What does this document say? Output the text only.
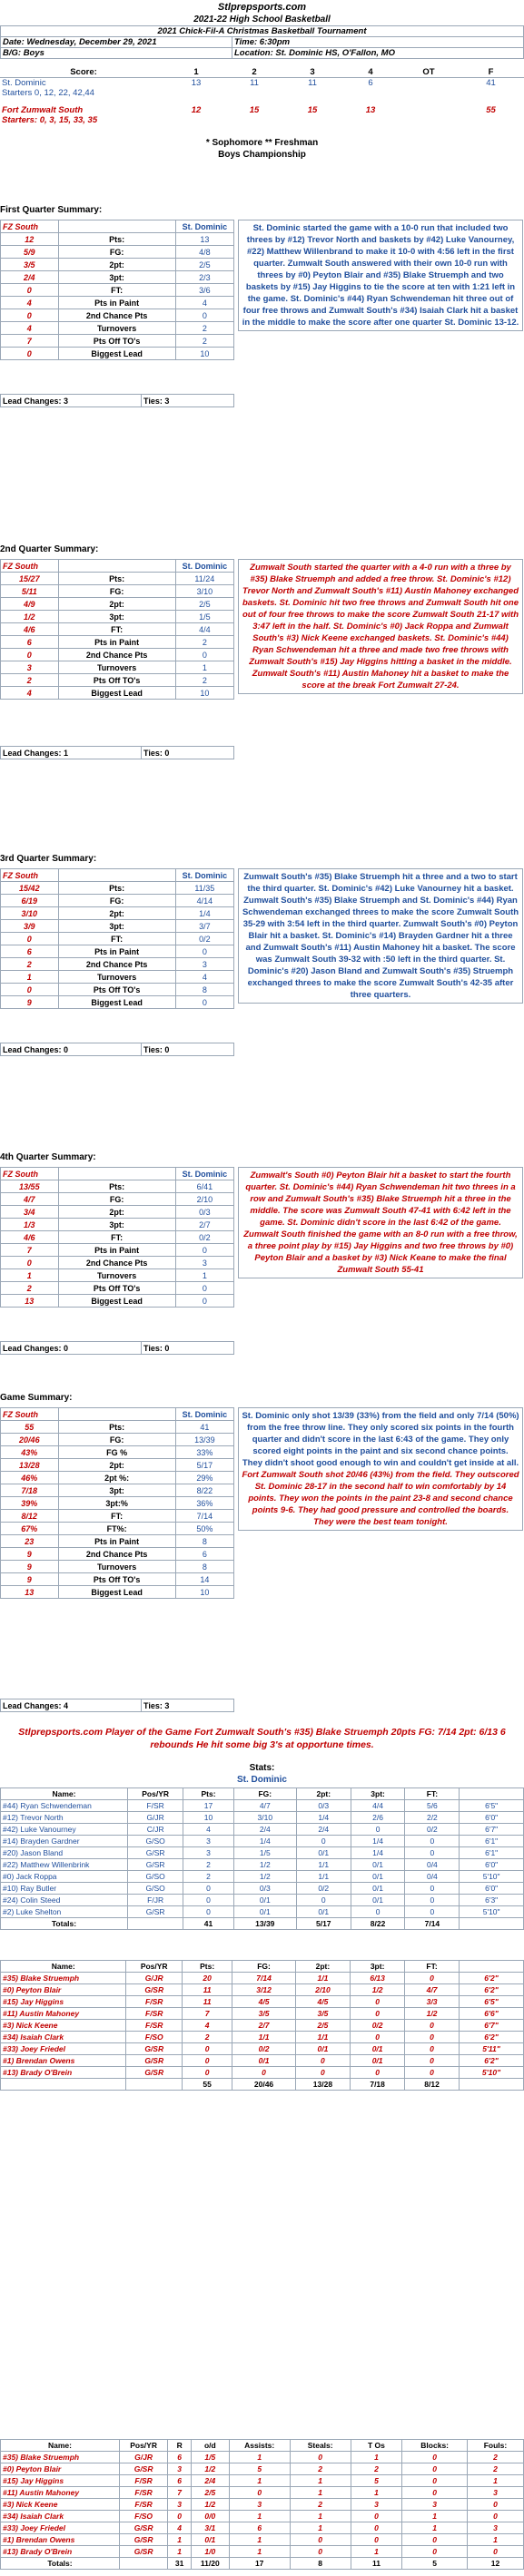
Stlprepsports.com
2021-22 High School Basketball
2021 Chick-Fil-A Christmas Basketball Tournament	
Date: Wednesday, December 29, 2021	Time: 6:30pm
B/G: Boys	Location: St. Dominic HS, O'Fallon, MO
Score:	1	2	3	4	OT	F
St. Dominic	13	11	11	6		41
Starters 0, 12, 22, 42,44						

Fort Zumwalt South	12	15	15	13		55
Starters: 0, 3, 15, 33, 35						
* Sophomore ** Freshman
Boys Championship
First Quarter Summary:
FZ South		St. Dominic
12	Pts:	13
5/9	FG:	4/8
3/5	2pt:	2/5
2/4	3pt:	2/3
0	FT:	3/6
4	Pts in Paint	4
0	2nd Chance Pts	0
4	Turnovers	2
7	Pts Off TO's	2
0	Biggest Lead	10
St. Dominic started the game with a 10-0 run that included two threes by #12) Trevor North and baskets by #42) Luke Vanourney, #22) Matthew Willenbrand to make it 10-0 with 4:56 left in the first quarter. Zumwalt South answered with their own 10-0 run with threes by #0) Peyton Blair and #35) Blake Struemph and two baskets by #15) Jay Higgins to tie the score at ten with 1:21 left in the game. St. Dominic's #44) Ryan Schwendeman hit three out of four free throws and Zumwalt South's #34) Isaiah Clark hit a basket in the middle to make the score after one quarter St. Dominic 13-12.
Lead Changes: 3	Ties: 3
2nd Quarter Summary:
FZ South		St. Dominic
15/27	Pts:	11/24
5/11	FG:	3/10
4/9	2pt:	2/5
1/2	3pt:	1/5
4/6	FT:	4/4
6	Pts in Paint	2
0	2nd Chance Pts	0
3	Turnovers	1
2	Pts Off TO's	2
4	Biggest Lead	10
Zumwalt South started the quarter with a 4-0 run with a three by #35) Blake Struemph and added a free throw. St. Dominic's #12) Trevor North and Zumwalt South's #11) Austin Mahoney exchanged baskets. St. Dominic hit two free throws and Zumwalt South hit one out of four free throws to make the score Zumwalt South 21-17 with 3:47 left in the half. St. Dominic's #0) Jack Roppa and Zumwalt South's #3) Nick Keene exchanged baskets. St. Dominic's #44) Ryan Schwendeman hit a three and made two free throws with Zumwalt South's #15) Jay Higgins hitting a basket in the middle. Zumwalt South's #11) Austin Mahoney hit a basket to make the score at the break Fort Zumwalt 27-24.
Lead Changes: 1	Ties: 0
3rd Quarter Summary:
FZ South		St. Dominic
15/42	Pts:	11/35
6/19	FG:	4/14
3/10	2pt:	1/4
3/9	3pt:	3/7
0	FT:	0/2
6	Pts in Paint	0
2	2nd Chance Pts	3
1	Turnovers	4
0	Pts Off TO's	8
9	Biggest Lead	0
Zumwalt South's #35) Blake Struemph hit a three and a two to start the third quarter. St. Dominic's #42) Luke Vanourney hit a basket. Zumwalt South's #35) Blake Struemph and St. Dominic's #44) Ryan Schwendeman exchanged threes to make the score Zumwalt South 35-29 with 3:54 left in the third quarter. Zumwalt South's #0) Peyton Blair hit a basket. St. Dominic's #14) Brayden Gardner hit a three and Zumwalt South's #11) Austin Mahoney hit a basket. The score was Zumwalt South 39-32 with :50 left in the third quarter. St. Dominic's #20) Jason Bland and Zumwalt South's #35) Struemph exchanged threes to make the score Zumwalt South's 42-35 after three quarters.
Lead Changes: 0	Ties: 0
4th Quarter Summary:
FZ South		St. Dominic
13/55	Pts:	6/41
4/7	FG:	2/10
3/4	2pt:	0/3
1/3	3pt:	2/7
4/6	FT:	0/2
7	Pts in Paint	0
0	2nd Chance Pts	3
1	Turnovers	1
2	Pts Off TO's	0
13	Biggest Lead	0
Zumwalt's South #0) Peyton Blair hit a basket to start the fourth quarter. St. Dominic's #44) Ryan Schwendeman hit two threes in a row and Zumwalt South's #35) Blake Struemph hit a three in the middle. The score was Zumwalt South 47-41 with 6:42 left in the game. St. Dominic didn't score in the last 6:42 of the game. Zumwalt South finished the game with an 8-0 run with a free throw, a three point play by #15) Jay Higgins and two free throws by #0) Peyton Blair and a basket by #3) Nick Keane to make the final Zumwalt South 55-41
Lead Changes: 0	Ties: 0
Game Summary:
FZ South		St. Dominic
55	Pts:	41
20/46	FG:	13/39
43%	FG %	33%
13/28	2pt:	5/17
46%	2pt %:	29%
7/18	3pt:	8/22
39%	3pt:%	36%
8/12	FT:	7/14
67%	FT%:	50%
23	Pts in Paint	8
9	2nd Chance Pts	6
9	Turnovers	8
9	Pts Off TO's	14
13	Biggest Lead	10
St. Dominic only shot 13/39 (33%) from the field and only 7/14 (50%) from the free throw line. They only scored six points in the fourth quarter and didn't score in the last 6:43 of the game. They only scored eight points in the paint and six second chance points. They didn't shoot good enough to win and couldn't get inside at all.
Fort Zumwalt South shot 20/46 (43%) from the field. They outscored St. Dominic 28-17 in the second half to win comfortably by 14 points. They won the points in the paint 23-8 and second chance points 9-6. They had good pressure and controlled the boards. They were the best team tonight.
Lead Changes: 4	Ties: 3
Stlprepsports.com Player of the Game Fort Zumwalt South's #35) Blake Struemph 20pts FG: 7/14 2pt: 6/13 6 rebounds He hit some big 3's at opportune times.
Stats:
St. Dominic
Name:	Pos/YR	Pts:	FG:	2pt:	3pt:	FT:	
#44) Ryan Schwendeman	F/SR	17	4/7	0/3	4/4	5/6	6'5"
#12) Trevor North	G/JR	10	3/10	1/4	2/6	2/2	6'0"
#42) Luke Vanourney	C/JR	4	2/4	2/4	0	0/2	6'7"
#14) Brayden Gardner	G/SO	3	1/4	0	1/4	0	6'1"
#20) Jason Bland	G/SR	3	1/5	0/1	1/4	0	6'1"
#22) Matthew Willenbrink	G/SR	2	1/2	1/1	0/1	0/4	6'0"
#0) Jack Roppa	G/SO	2	1/2	1/1	0/1	0/4	5'10"
#10) Ray Butler	G/SO	0	0/3	0/2	0/1	0	6'0"
#24) Colin Steed	F/JR	0	0/1	0	0/1	0	6'3"
#2) Luke Shelton	G/SR	0	0/1	0/1	0	0	5'10"
Totals:		41	13/39	5/17	8/22	7/14	
Name:	Pos/YR	Pts:	FG:	2pt:	3pt:	FT:	
#35) Blake Struemph	G/JR	20	7/14	1/1	6/13	0	6'2"
#0) Peyton Blair	G/SR	11	3/12	2/10	1/2	4/7	6'2"
#15) Jay Higgins	F/SR	11	4/5	4/5	0	3/3	6'5"
#11) Austin Mahoney	F/SR	7	3/5	3/5	0	1/2	6'6"
#3) Nick Keene	F/SR	4	2/7	2/5	0/2	0	6'7"
#34) Isaiah Clark	F/SO	2	1/1	1/1	0	0	6'2"
#33) Joey Friedel	G/SR	0	0/2	0/1	0/1	0	5'11"
#1) Brendan Owens	G/SR	0	0/1	0	0/1	0	6'2"
#13) Brady O'Brein	G/SR	0	0	0	0	0	5'10"
		55	20/46	13/28	7/18	8/12	
Name:	Pos/YR	R	o/d	Assists:	Steals:	T Os	Blocks:	Fouls:
#35) Blake Struemph	G/JR	6	1/5	1	0	1	0	2
#0) Peyton Blair	G/SR	3	1/2	5	2	2	0	2
#15) Jay Higgins	F/SR	6	2/4	1	1	5	0	1
#11) Austin Mahoney	F/SR	7	2/5	0	1	1	0	3
#3) Nick Keene	F/SR	3	1/2	3	2	3	3	0
#34) Isaiah Clark	F/SO	0	0/0	1	1	0	1	0
#33) Joey Friedel	G/SR	4	3/1	6	1	0	1	3
#1) Brendan Owens	G/SR	1	0/1	1	0	0	0	1
#13) Brady O'Brein	G/SR	1	1/0	1	0	1	0	0
Totals:		31	11/20	17	8	11	5	12
